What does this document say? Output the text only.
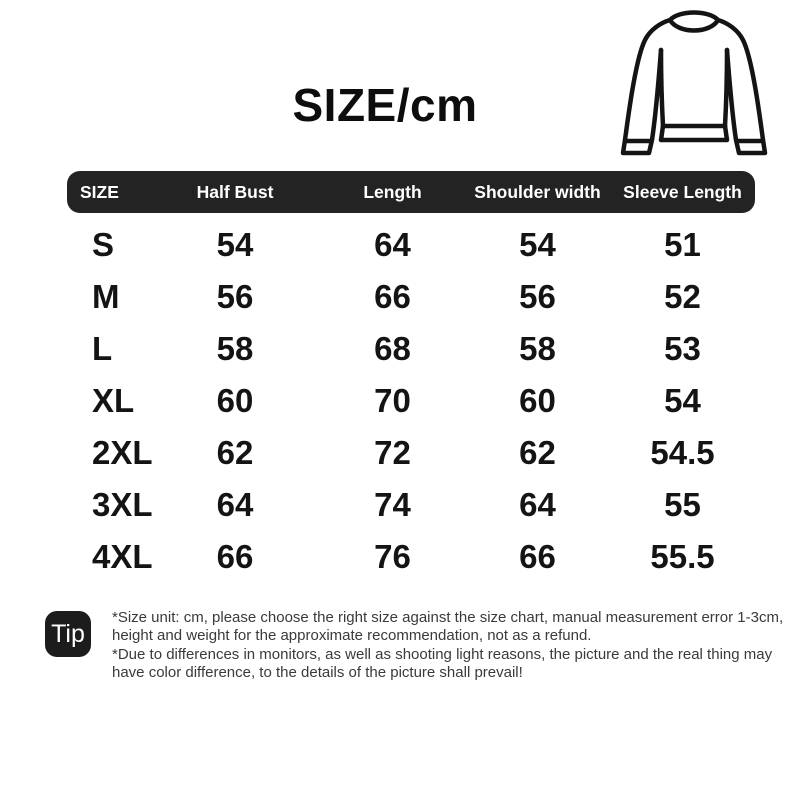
SIZE/cm
SIZE	Half Bust	Length	Shoulder width	Sleeve Length
S	54	64	54	51
M	56	66	56	52
L	58	68	58	53
XL	60	70	60	54
2XL	62	72	62	54.5
3XL	64	74	64	55
4XL	66	76	66	55.5
Tip
*Size unit: cm, please choose the right size against the size chart, manual measurement error 1-3cm,
height and weight for the approximate recommendation, not as a refund.
*Due to differences in monitors, as well as shooting light reasons, the picture and the real thing may
have color difference, to the details of the picture shall prevail!
